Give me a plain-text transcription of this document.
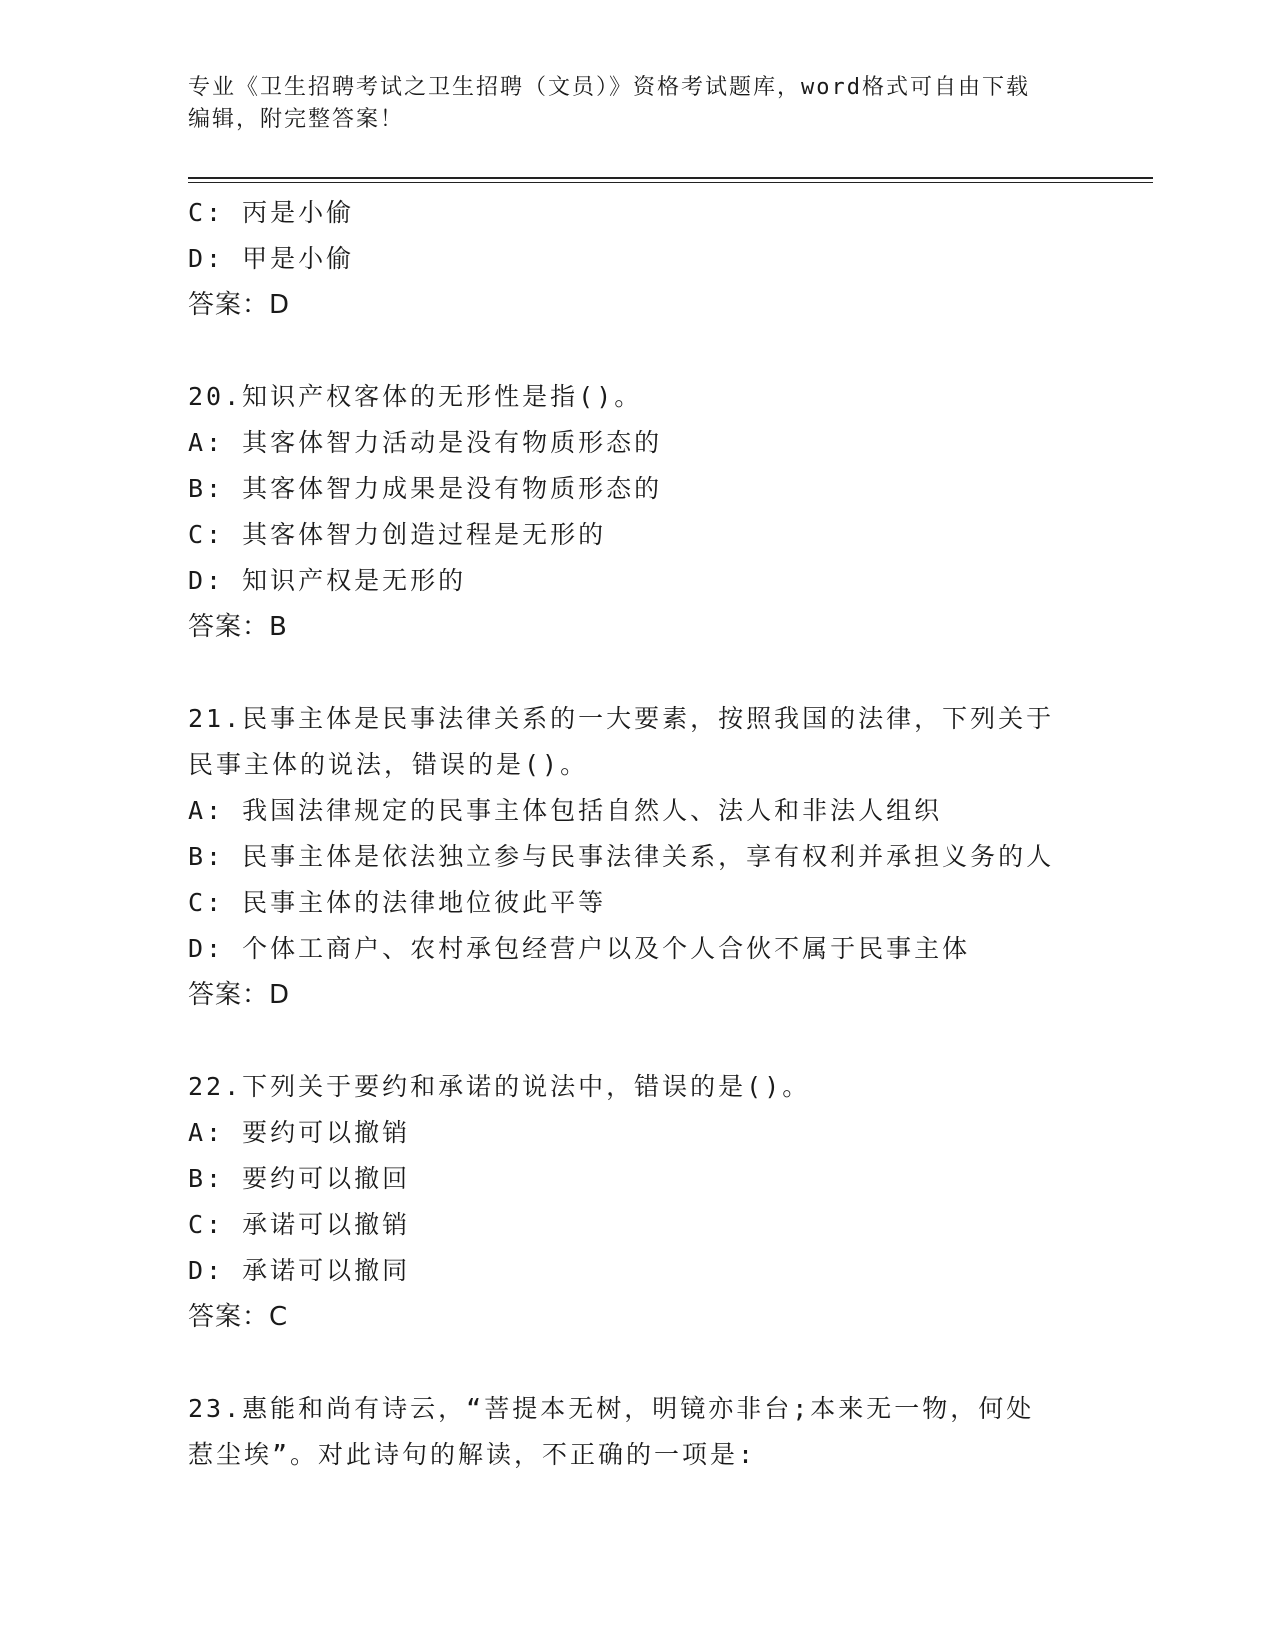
专业《卫生招聘考试之卫生招聘（文员）》资格考试题库，word格式可自由下载
编辑，附完整答案！
C: 丙是小偷
D: 甲是小偷
答案：D
20.知识产权客体的无形性是指()。
A: 其客体智力活动是没有物质形态的
B: 其客体智力成果是没有物质形态的
C: 其客体智力创造过程是无形的
D: 知识产权是无形的
答案：B
21.民事主体是民事法律关系的一大要素，按照我国的法律，下列关于
民事主体的说法，错误的是()。
A: 我国法律规定的民事主体包括自然人、法人和非法人组织
B: 民事主体是依法独立参与民事法律关系，享有权利并承担义务的人
C: 民事主体的法律地位彼此平等
D: 个体工商户、农村承包经营户以及个人合伙不属于民事主体
答案：D
22.下列关于要约和承诺的说法中，错误的是()。
A: 要约可以撤销
B: 要约可以撤回
C: 承诺可以撤销
D: 承诺可以撤同
答案：C
23.惠能和尚有诗云，“菩提本无树，明镜亦非台;本来无一物，何处
惹尘埃”。对此诗句的解读，不正确的一项是:
